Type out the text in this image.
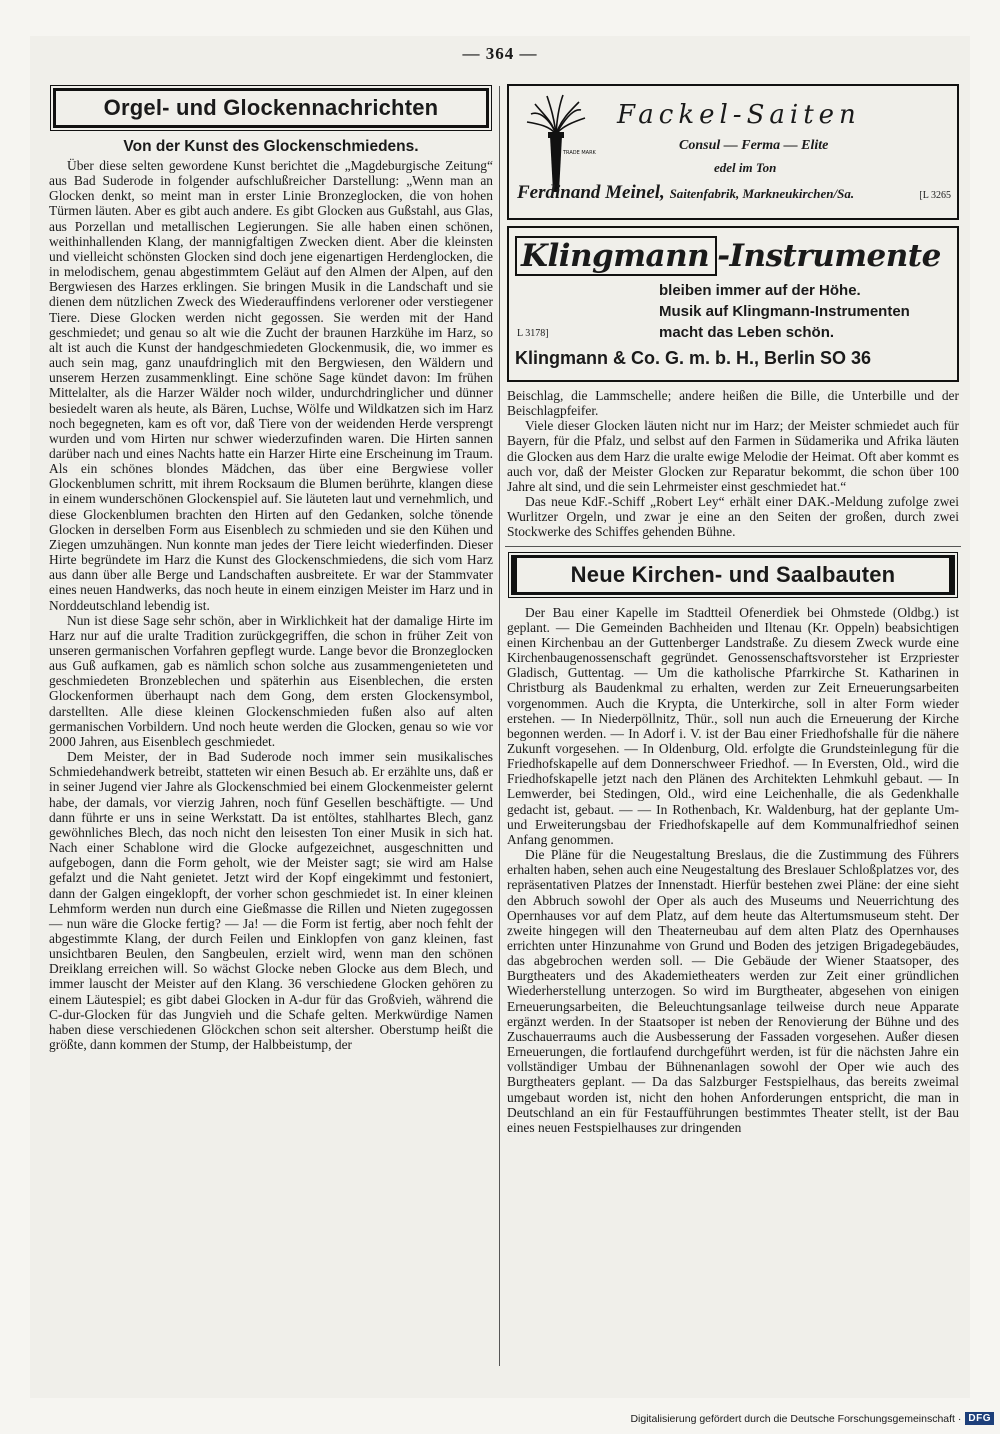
— 364 —
Orgel- und Glockennachrichten
Von der Kunst des Glockenschmiedens.

Über diese selten gewordene Kunst berichtet die „Magdeburgische Zeitung“ aus Bad Suderode in folgender aufschlußreicher Darstellung: „Wenn man an Glocken denkt, so meint man in erster Linie Bronzeglocken, die von hohen Türmen läuten. Aber es gibt auch andere. Es gibt Glocken aus Gußstahl, aus Glas, aus Porzellan und metallischen Legierungen. Sie alle haben einen schönen, weithinhallenden Klang, der mannigfaltigen Zwecken dient. Aber die kleinsten und vielleicht schönsten Glocken sind doch jene eigenartigen Herdenglocken, die in melodischem, genau abgestimmtem Geläut auf den Almen der Alpen, auf den Bergwiesen des Harzes erklingen. Sie bringen Musik in die Landschaft und sie dienen dem nützlichen Zweck des Wiederauffindens verlorener oder verstiegener Tiere. Diese Glocken werden nicht gegossen. Sie werden mit der Hand geschmiedet; und genau so alt wie die Zucht der braunen Harzkühe im Harz, so alt ist auch die Kunst der handgeschmiedeten Glockenmusik, die, wo immer es auch sein mag, ganz unaufdringlich mit den Bergwiesen, den Wäldern und unserem Herzen zusammenklingt. Eine schöne Sage kündet davon: Im frühen Mittelalter, als die Harzer Wälder noch wilder, undurchdringlicher und dünner besiedelt waren als heute, als Bären, Luchse, Wölfe und Wildkatzen sich im Harz noch begegneten, kam es oft vor, daß Tiere von der weidenden Herde versprengt wurden und vom Hirten nur schwer wiederzufinden waren. Die Hirten sannen darüber nach und eines Nachts hatte ein Harzer Hirte eine Erscheinung im Traum. Als ein schönes blondes Mädchen, das über eine Bergwiese voller Glockenblumen schritt, mit ihrem Rocksaum die Blumen berührte, klangen diese in einem wunderschönen Glockenspiel auf. Sie läuteten laut und vernehmlich, und diese Glockenblumen brachten den Hirten auf den Gedanken, solche tönende Glocken in derselben Form aus Eisenblech zu schmieden und sie den Kühen und Ziegen umzuhängen. Nun konnte man jedes der Tiere leicht wiederfinden. Dieser Hirte begründete im Harz die Kunst des Glockenschmiedens, die sich vom Harz aus dann über alle Berge und Landschaften ausbreitete. Er war der Stammvater eines neuen Handwerks, das noch heute in einem einzigen Meister im Harz und in Norddeutschland lebendig ist.

Nun ist diese Sage sehr schön, aber in Wirklichkeit hat der damalige Hirte im Harz nur auf die uralte Tradition zurückgegriffen, die schon in früher Zeit von unseren germanischen Vorfahren gepflegt wurde. Lange bevor die Bronzeglocken aus Guß aufkamen, gab es nämlich schon solche aus zusammengenieteten und geschmiedeten Bronzeblechen und späterhin aus Eisenblechen, die ersten Glockenformen überhaupt nach dem Gong, dem ersten Glockensymbol, darstellten. Alle diese kleinen Glockenschmieden fußen also auf alten germanischen Vorbildern. Und noch heute werden die Glocken, genau so wie vor 2000 Jahren, aus Eisenblech geschmiedet.

Dem Meister, der in Bad Suderode noch immer sein musikalisches Schmiedehandwerk betreibt, statteten wir einen Besuch ab. Er erzählte uns, daß er in seiner Jugend vier Jahre als Glockenschmied bei einem Glockenmeister gelernt habe, der damals, vor vierzig Jahren, noch fünf Gesellen beschäftigte. — Und dann führte er uns in seine Werkstatt. Da ist entöltes, stahlhartes Blech, ganz gewöhnliches Blech, das noch nicht den leisesten Ton einer Musik in sich hat. Nach einer Schablone wird die Glocke aufgezeichnet, ausgeschnitten und aufgebogen, dann die Form geholt, wie der Meister sagt; sie wird am Halse gefalzt und die Naht genietet. Jetzt wird der Kopf eingekimmt und festoniert, dann der Galgen eingeklopft, der vorher schon geschmiedet ist. In einer kleinen Lehmform werden nun durch eine Gießmasse die Rillen und Nieten zugegossen — nun wäre die Glocke fertig? — Ja! — die Form ist fertig, aber noch fehlt der abgestimmte Klang, der durch Feilen und Einklopfen von ganz kleinen, fast unsichtbaren Beulen, den Sangbeulen, erzielt wird, wenn man den schönen Dreiklang erreichen will. So wächst Glocke neben Glocke aus dem Blech, und immer lauscht der Meister auf den Klang. 36 verschiedene Glocken gehören zu einem Läutespiel; es gibt dabei Glocken in A-dur für das Großvieh, während die C-dur-Glocken für das Jungvieh und die Schafe gelten. Merkwürdige Namen haben diese verschiedenen Glöckchen schon seit altersher. Oberstump heißt die größte, dann kommen der Stump, der Halbbeistump, der

TRADE MARK
Fackel-Saiten
Consul — Ferma — Elite
edel im Ton
Ferdinand Meinel, Saitenfabrik, Markneukirchen/Sa.	[L 3265
Klingmann -Instrumente
bleiben immer auf der Höhe.
Musik auf Klingmann-Instrumenten
macht das Leben schön.
L 3178]
Klingmann & Co. G. m. b. H., Berlin SO 36

Beischlag, die Lammschelle; andere heißen die Bille, die Unterbille und der Beischlagpfeifer.

Viele dieser Glocken läuten nicht nur im Harz; der Meister schmiedet auch für Bayern, für die Pfalz, und selbst auf den Farmen in Südamerika und Afrika läuten die Glocken aus dem Harz die uralte ewige Melodie der Heimat. Oft aber kommt es auch vor, daß der Meister Glocken zur Reparatur bekommt, die schon über 100 Jahre alt sind, und die sein Lehrmeister einst geschmiedet hat.“

Das neue KdF.-Schiff „Robert Ley“ erhält einer DAK.-Meldung zufolge zwei Wurlitzer Orgeln, und zwar je eine an den Seiten der großen, durch zwei Stockwerke des Schiffes gehenden Bühne.

Neue Kirchen- und Saalbauten

Der Bau einer Kapelle im Stadtteil Ofenerdiek bei Ohmstede (Oldbg.) ist geplant. — Die Gemeinden Bachheiden und Iltenau (Kr. Oppeln) beabsichtigen einen Kirchenbau an der Guttenberger Landstraße. Zu diesem Zweck wurde eine Kirchenbaugenossenschaft gegründet. Genossenschaftsvorsteher ist Erzpriester Gladisch, Guttentag. — Um die katholische Pfarrkirche St. Katharinen in Christburg als Baudenkmal zu erhalten, werden zur Zeit Erneuerungsarbeiten vorgenommen. Auch die Krypta, die Unterkirche, soll in alter Form wieder erstehen. — In Niederpöllnitz, Thür., soll nun auch die Erneuerung der Kirche begonnen werden. — In Adorf i. V. ist der Bau einer Friedhofshalle für die nähere Zukunft vorgesehen. — In Oldenburg, Old. erfolgte die Grundsteinlegung für die Friedhofskapelle auf dem Donnerschweer Friedhof. — In Eversten, Old., wird die Friedhofskapelle jetzt nach den Plänen des Architekten Lehmkuhl gebaut. — In Lemwerder, bei Stedingen, Old., wird eine Leichenhalle, die als Gedenkhalle gedacht ist, gebaut. — — In Rothenbach, Kr. Waldenburg, hat der geplante Um- und Erweiterungsbau der Friedhofskapelle auf dem Kommunalfriedhof seinen Anfang genommen.

Die Pläne für die Neugestaltung Breslaus, die die Zustimmung des Führers erhalten haben, sehen auch eine Neugestaltung des Breslauer Schloßplatzes vor, des repräsentativen Platzes der Innenstadt. Hierfür bestehen zwei Pläne: der eine sieht den Abbruch sowohl der Oper als auch des Museums und Neuerrichtung des Opernhauses vor auf dem Platz, auf dem heute das Altertumsmuseum steht. Der zweite hingegen will den Theaterneubau auf dem alten Platz des Opernhauses errichten unter Hinzunahme von Grund und Boden des jetzigen Brigadegebäudes, das abgebrochen werden soll. — Die Gebäude der Wiener Staatsoper, des Burgtheaters und des Akademietheaters werden zur Zeit einer gründlichen Wiederherstellung unterzogen. So wird im Burgtheater, abgesehen von einigen Erneuerungsarbeiten, die Beleuchtungsanlage teilweise durch neue Apparate ergänzt werden. In der Staatsoper ist neben der Renovierung der Bühne und des Zuschauerraums auch die Ausbesserung der Fassaden vorgesehen. Außer diesen Erneuerungen, die fortlaufend durchgeführt werden, ist für die nächsten Jahre ein vollständiger Umbau der Bühnenanlagen sowohl der Oper wie auch des Burgtheaters geplant. — Da das Salzburger Festspielhaus, das bereits zweimal umgebaut worden ist, nicht den hohen Anforderungen entspricht, die man in Deutschland an ein für Festaufführungen bestimmtes Theater stellt, ist der Bau eines neuen Festspielhauses zur dringenden

Digitalisierung gefördert durch die Deutsche Forschungsgemeinschaft · DFG
